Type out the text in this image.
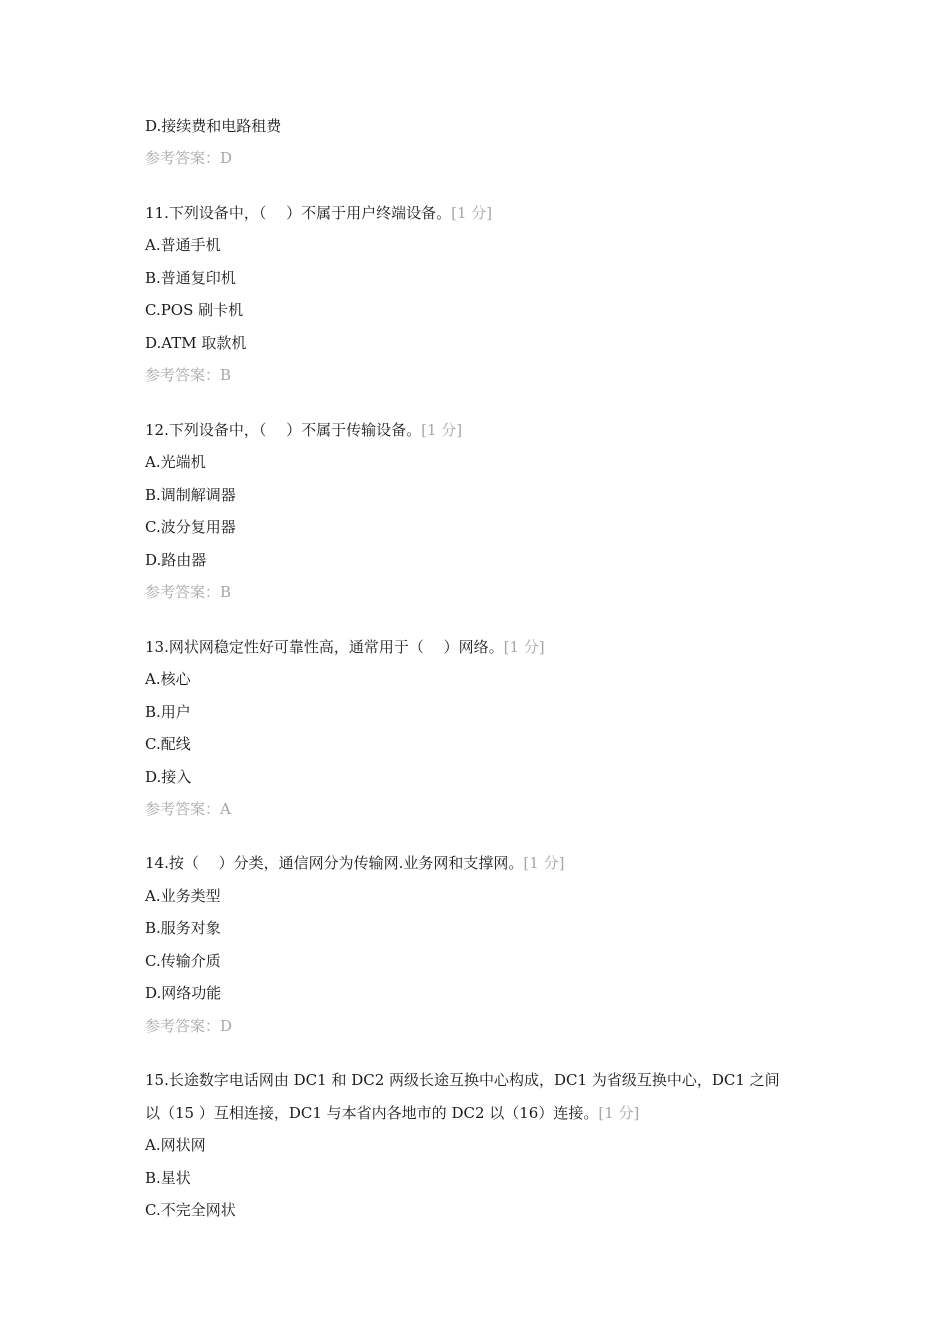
D.接续费和电路租费
参考答案：D
11.下列设备中，（　 ）不属于用户终端设备。[1 分]
A.普通手机
B.普通复印机
C.POS 刷卡机
D.ATM 取款机
参考答案：B
12.下列设备中，（　 ）不属于传输设备。[1 分]
A.光端机
B.调制解调器
C.波分复用器
D.路由器
参考答案：B
13.网状网稳定性好可靠性高，通常用于（　 ）网络。[1 分]
A.核心
B.用户
C.配线
D.接入
参考答案：A
14.按（　 ）分类，通信网分为传输网.业务网和支撑网。[1 分]
A.业务类型
B.服务对象
C.传输介质
D.网络功能
参考答案：D
15.长途数字电话网由 DC1 和 DC2 两级长途互换中心构成，DC1 为省级互换中心，DC1 之间
以（15 ）互相连接，DC1 与本省内各地市的 DC2 以（16）连接。[1 分]
A.网状网
B.星状
C.不完全网状
